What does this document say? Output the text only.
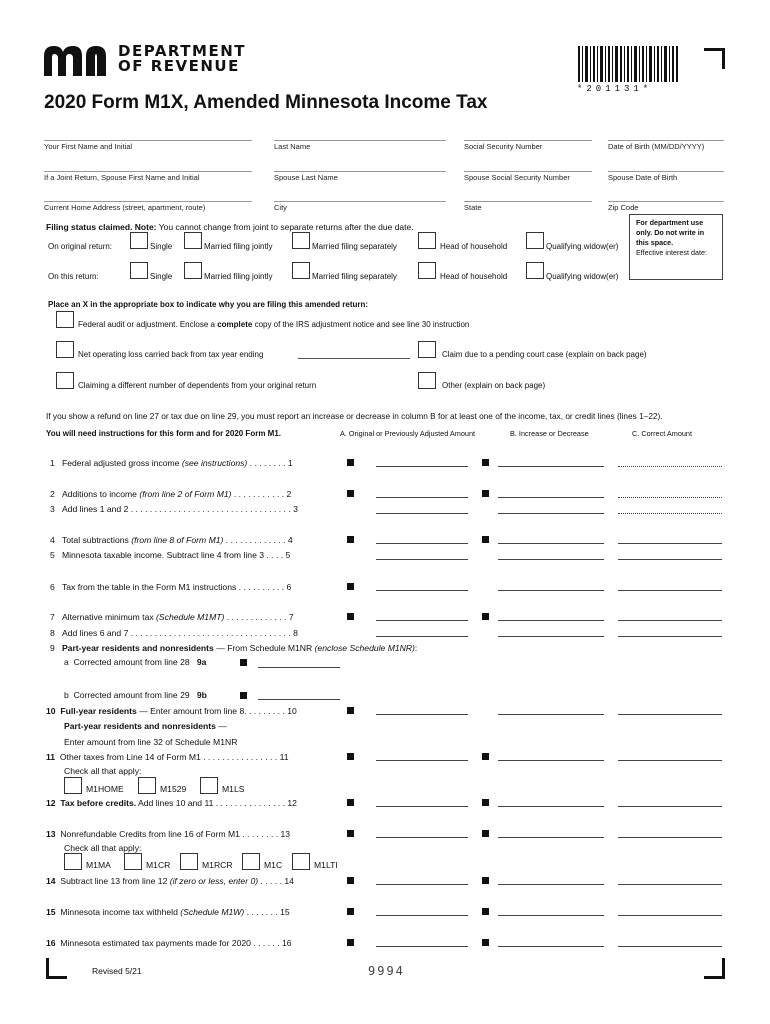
DEPARTMENT
OF REVENUE
*201131*
2020 Form M1X, Amended Minnesota Income Tax
Your First Name and Initial	Last Name	Social Security Number	Date of Birth (MM/DD/YYYY)
If a Joint Return, Spouse First Name and Initial	Spouse Last Name	Spouse Social Security Number	Spouse Date of Birth
Current Home Address (street, apartment, route)	City	State	Zip Code
Filing status claimed. Note: You cannot change from joint to separate returns after the due date.
On original return:	Single	Married filing jointly	Married filing separately	Head of household	Qualifying widow(er)
On this return:	Single	Married filing jointly	Married filing separately	Head of household	Qualifying widow(er)
For department use
only. Do not write in
this space.
Effective interest date:
Place an X in the appropriate box to indicate why you are filing this amended return:
Federal audit or adjustment. Enclose a complete copy of the IRS adjustment notice and see line 30 instruction
Net operating loss carried back from tax year ending	Claim due to a pending court case (explain on back page)
Claiming a different number of dependents from your original return	Other (explain on back page)
If you show a refund on line 27 or tax due on line 29, you must report an increase or decrease in column B for at least one of the income, tax, or credit lines (lines 1–22).
You will need instructions for this form and for 2020 Form M1.	A. Original or Previously Adjusted Amount	B. Increase or Decrease	C. Correct Amount
1 Federal adjusted gross income (see instructions) . . . . . . . . 1
2 Additions to income (from line 2 of Form M1) . . . . . . . . . . . 2
3 Add lines 1 and 2 . . . . . . . . . . . . . . . . . . . . . . . . . . . . . . . . . . 3
4 Total subtractions (from line 8 of Form M1) . . . . . . . . . . . . . 4
5 Minnesota taxable income. Subtract line 4 from line 3 . . . . 5
6 Tax from the table in the Form M1 instructions . . . . . . . . . . 6
7 Alternative minimum tax (Schedule M1MT) . . . . . . . . . . . . . 7
8 Add lines 6 and 7 . . . . . . . . . . . . . . . . . . . . . . . . . . . . . . . . . . 8
9 Part-year residents and nonresidents — From Schedule M1NR (enclose Schedule M1NR):
a Corrected amount from line 28 9a
b Corrected amount from line 29 9b
10 Full-year residents — Enter amount from line 8. . . . . . . . . 10
Part-year residents and nonresidents —
Enter amount from line 32 of Schedule M1NR
11 Other taxes from Line 14 of Form M1 . . . . . . . . . . . . . . . . 11
Check all that apply:
M1HOME	M1529	M1LS
12 Tax before credits. Add lines 10 and 11 . . . . . . . . . . . . . . . 12
13 Nonrefundable Credits from line 16 of Form M1 . . . . . . . . 13
Check all that apply:
M1MA	M1CR	M1RCR	M1C	M1LTI
14 Subtract line 13 from line 12 (if zero or less, enter 0) . . . . . 14
15 Minnesota income tax withheld (Schedule M1W) . . . . . . . 15
16 Minnesota estimated tax payments made for 2020 . . . . . . 16
Revised 5/21	9994
